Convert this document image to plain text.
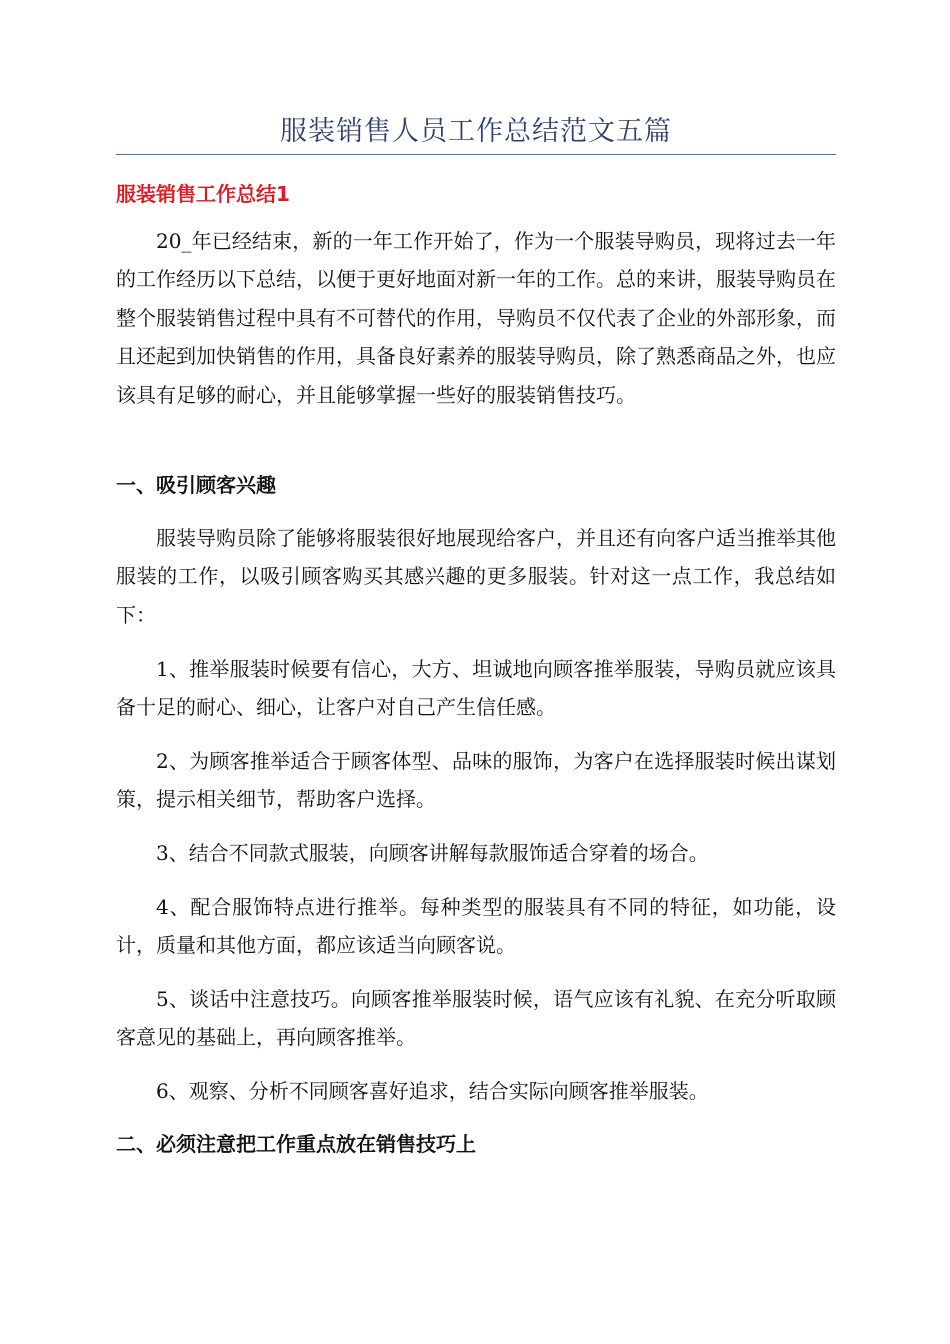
服装销售人员工作总结范文五篇
服装销售工作总结1

20_年已经结束，新的一年工作开始了，作为一个服装导购员，现将过去一年的工作经历以下总结，以便于更好地面对新一年的工作。总的来讲，服装导购员在整个服装销售过程中具有不可替代的作用，导购员不仅代表了企业的外部形象，而且还起到加快销售的作用，具备良好素养的服装导购员，除了熟悉商品之外，也应该具有足够的耐心，并且能够掌握一些好的服装销售技巧。

一、吸引顾客兴趣

服装导购员除了能够将服装很好地展现给客户，并且还有向客户适当推举其他服装的工作，以吸引顾客购买其感兴趣的更多服装。针对这一点工作，我总结如下：

1、推举服装时候要有信心，大方、坦诚地向顾客推举服装，导购员就应该具备十足的耐心、细心，让客户对自己产生信任感。

2、为顾客推举适合于顾客体型、品味的服饰，为客户在选择服装时候出谋划策，提示相关细节，帮助客户选择。

3、结合不同款式服装，向顾客讲解每款服饰适合穿着的场合。

4、配合服饰特点进行推举。每种类型的服装具有不同的特征，如功能，设计，质量和其他方面，都应该适当向顾客说。

5、谈话中注意技巧。向顾客推举服装时候，语气应该有礼貌、在充分听取顾客意见的基础上，再向顾客推举。

6、观察、分析不同顾客喜好追求，结合实际向顾客推举服装。

二、必须注意把工作重点放在销售技巧上
